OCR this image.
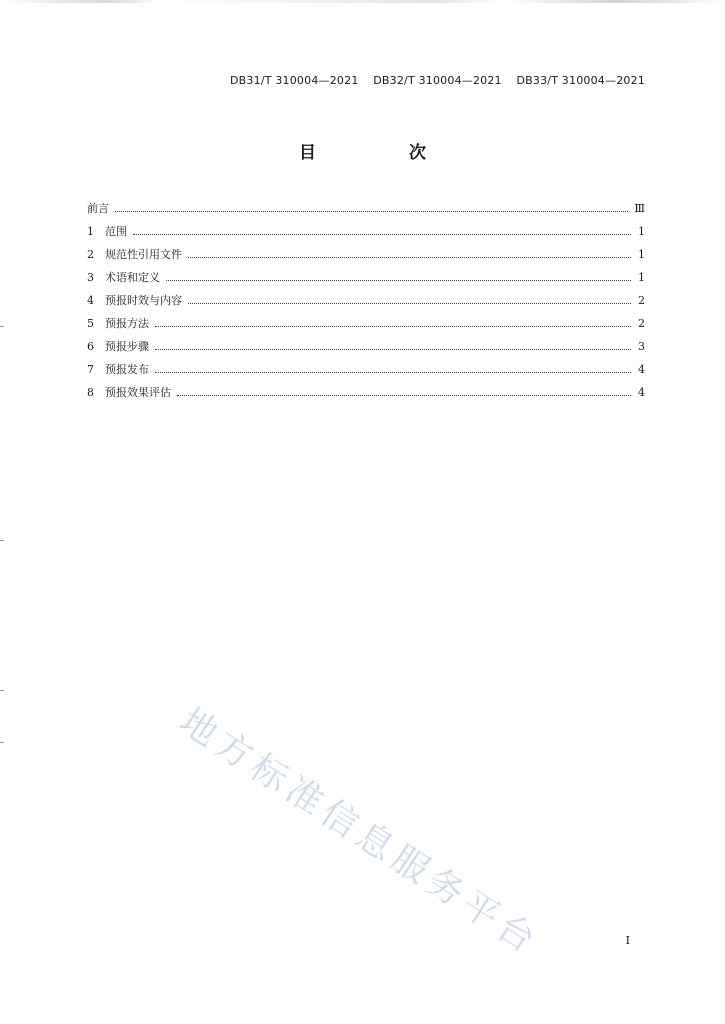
DB31/T 310004—2021 DB32/T 310004—2021 DB33/T 310004—2021
目　次
前言	Ⅲ
1	范围	1
2	规范性引用文件	1
3	术语和定义	1
4	预报时效与内容	2
5	预报方法	2
6	预报步骤	3
7	预报发布	4
8	预报效果评估	4
地方标准信息服务平台	I
